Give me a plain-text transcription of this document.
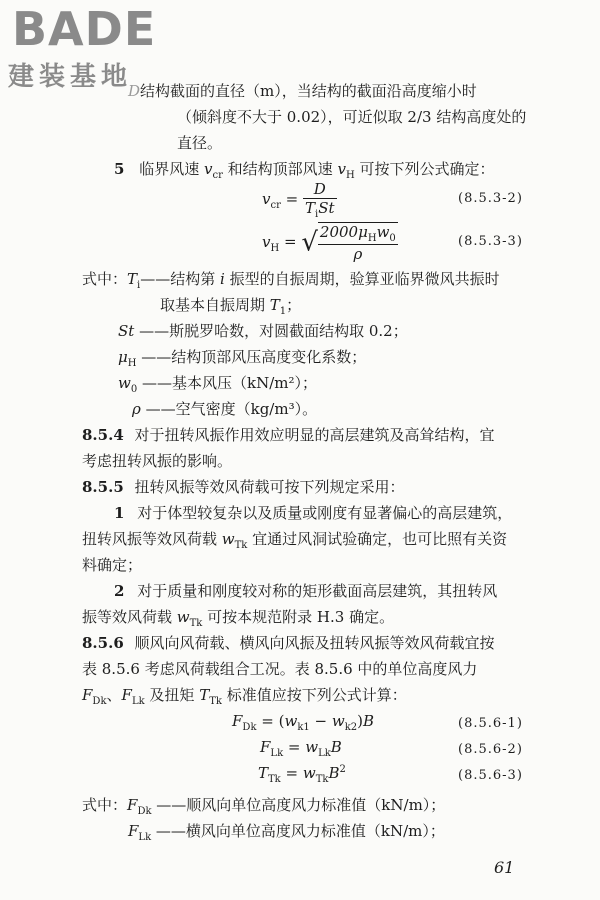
BADE
建装基地
D结构截面的直径（m），当结构的截面沿高度缩小时
（倾斜度不大于 0.02），可近似取 2/3 结构高度处的
直径。
5 临界风速 $v_{cr}$ 和结构顶部风速 $v_H$ 可按下列公式确定：
$v_{cr} = \frac{D}{T_iSt}$	(8.5.3-2)
$v_H$ = √ $\frac{2000\mu_Hw_0}{\rho}$	(8.5.3-3)
式中：$T_i——$结构第 i 振型的自振周期，验算亚临界微风共振时
取基本自振周期 $T_1$；
St ——斯脱罗哈数，对圆截面结构取 0.2；
$\mu_H$ ——结构顶部风压高度变化系数；
$w_0$ ——基本风压（kN/m²）；
ρ ——空气密度（kg/m³）。
8.5.4 对于扭转风振作用效应明显的高层建筑及高耸结构，宜
考虑扭转风振的影响。
8.5.5 扭转风振等效风荷载可按下列规定采用：
1 对于体型较复杂以及质量或刚度有显著偏心的高层建筑，
扭转风振等效风荷载 $w_{Tk}$ 宜通过风洞试验确定，也可比照有关资
料确定；
2 对于质量和刚度较对称的矩形截面高层建筑，其扭转风
振等效风荷载 $w_{Tk}$ 可按本规范附录 H.3 确定。
8.5.6 顺风向风荷载、横风向风振及扭转风振等效风荷载宜按
表 8.5.6 考虑风荷载组合工况。表 8.5.6 中的单位高度风力
$F_{Dk}$、$F_{Lk}$ 及扭矩 $T_{Tk}$ 标准值应按下列公式计算：
$F_{Dk} = (w_{k1} - w_{k2})B$	(8.5.6-1)
$F_{Lk} = w_{Lk}B$	(8.5.6-2)
$T_{Tk} = w_{Tk}B^2$	(8.5.6-3)
式中：$F_{Dk}$ ——顺风向单位高度风力标准值（kN/m）；
$F_{Lk}$ ——横风向单位高度风力标准值（kN/m）；
61
